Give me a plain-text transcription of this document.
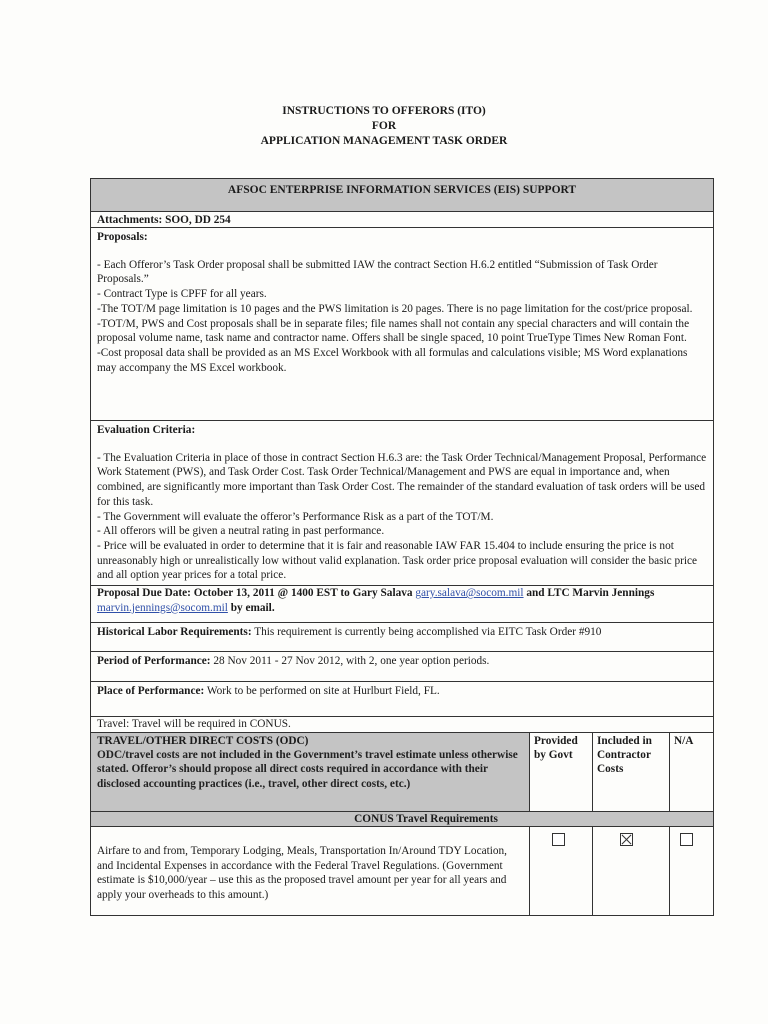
INSTRUCTIONS TO OFFERORS (ITO)
FOR
APPLICATION MANAGEMENT TASK ORDER
AFSOC ENTERPRISE INFORMATION SERVICES (EIS) SUPPORT
Attachments: SOO, DD 254
Proposals:
- Each Offeror’s Task Order proposal shall be submitted IAW the contract Section H.6.2 entitled “Submission of Task Order Proposals.”
- Contract Type is CPFF for all years.
-The TOT/M page limitation is 10 pages and the PWS limitation is 20 pages. There is no page limitation for the cost/price proposal.
-TOT/M, PWS and Cost proposals shall be in separate files; file names shall not contain any special characters and will contain the proposal volume name, task name and contractor name. Offers shall be single spaced, 10 point TrueType Times New Roman Font.
-Cost proposal data shall be provided as an MS Excel Workbook with all formulas and calculations visible; MS Word explanations may accompany the MS Excel workbook.
Evaluation Criteria:
- The Evaluation Criteria in place of those in contract Section H.6.3 are: the Task Order Technical/Management Proposal, Performance Work Statement (PWS), and Task Order Cost. Task Order Technical/Management and PWS are equal in importance and, when combined, are significantly more important than Task Order Cost. The remainder of the standard evaluation of task orders will be used for this task.
- The Government will evaluate the offeror’s Performance Risk as a part of the TOT/M.
- All offerors will be given a neutral rating in past performance.
- Price will be evaluated in order to determine that it is fair and reasonable IAW FAR 15.404 to include ensuring the price is not unreasonably high or unrealistically low without valid explanation. Task order price proposal evaluation will consider the basic price and all option year prices for a total price.
Proposal Due Date: October 13, 2011 @ 1400 EST to Gary Salava gary.salava@socom.mil and LTC Marvin Jennings marvin.jennings@socom.mil by email.
Historical Labor Requirements: This requirement is currently being accomplished via EITC Task Order #910
Period of Performance: 28 Nov 2011 - 27 Nov 2012, with 2, one year option periods.
Place of Performance: Work to be performed on site at Hurlburt Field, FL.
Travel: Travel will be required in CONUS.
TRAVEL/OTHER DIRECT COSTS (ODC)
ODC/travel costs are not included in the Government’s travel estimate unless otherwise stated. Offeror’s should propose all direct costs required in accordance with their disclosed accounting practices (i.e., travel, other direct costs, etc.)
Provided by Govt
Included in Contractor Costs
N/A
CONUS Travel Requirements
Airfare to and from, Temporary Lodging, Meals, Transportation In/Around TDY Location, and Incidental Expenses in accordance with the Federal Travel Regulations. (Government estimate is $10,000/year – use this as the proposed travel amount per year for all years and apply your overheads to this amount.)
